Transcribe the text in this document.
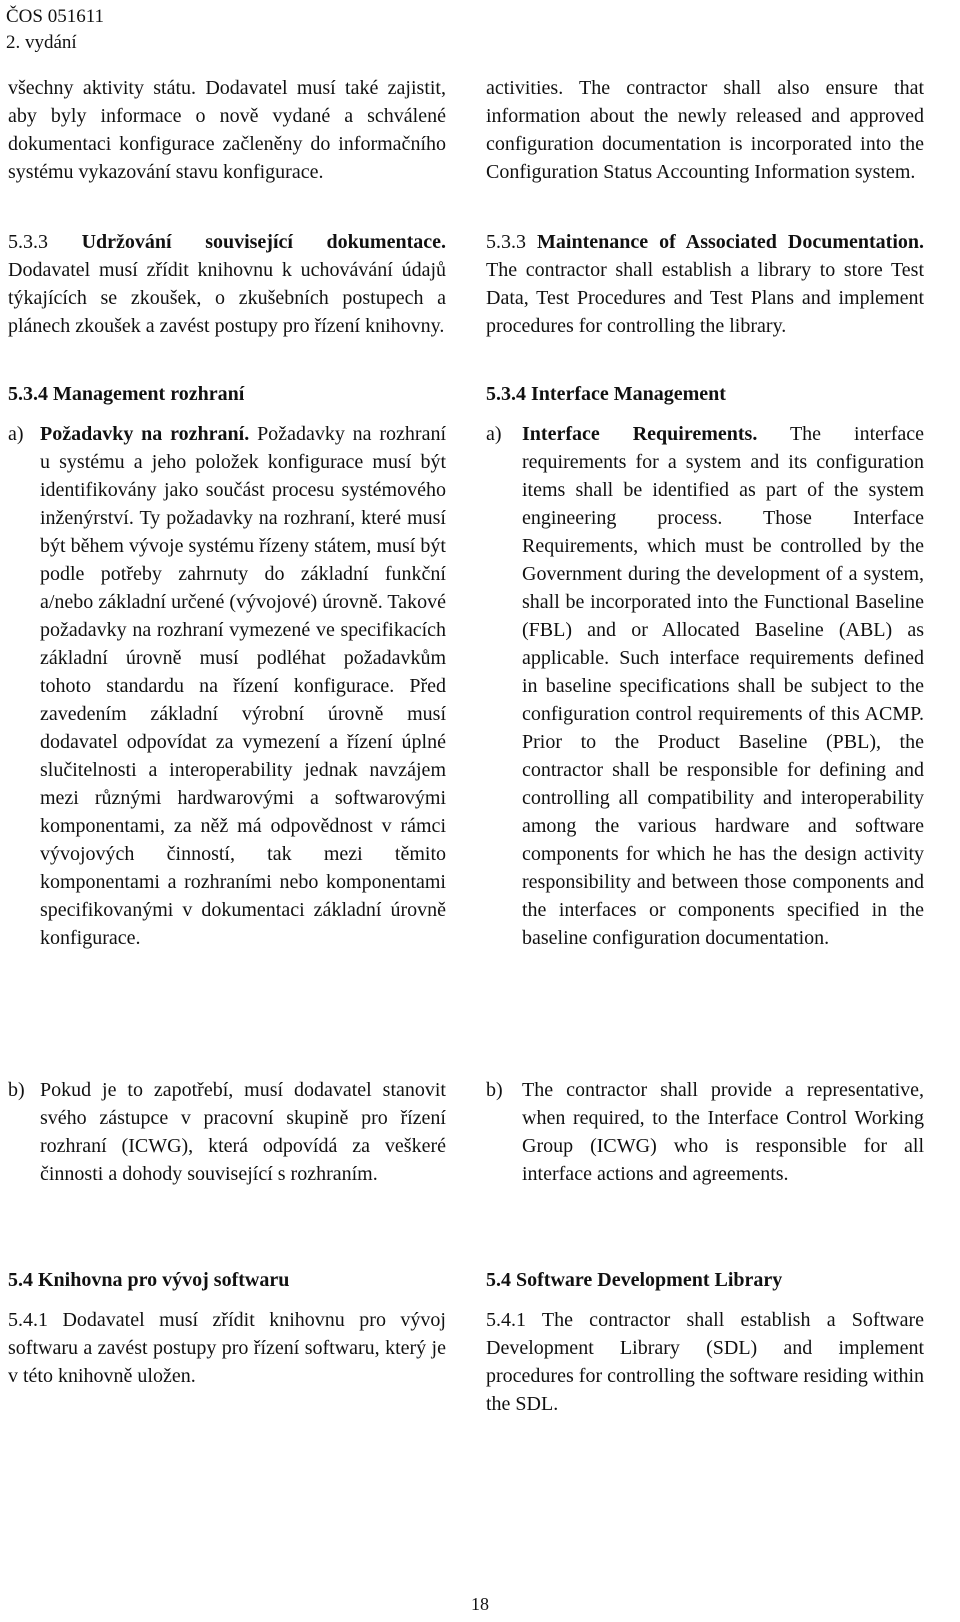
ČOS 051611
2. vydání

všechny aktivity státu. Dodavatel musí také zajistit, aby byly informace o nově vydané a schválené dokumentaci konfigurace začleněny do informačního systému vykazování stavu konfigurace.

5.3.3 Udržování související dokumentace. Dodavatel musí zřídit knihovnu k uchovávání údajů týkajících se zkoušek, o zkušebních postupech a plánech zkoušek a zavést postupy pro řízení knihovny.

5.3.4 Management rozhraní

a) Požadavky na rozhraní. Požadavky na rozhraní u systému a jeho položek konfigurace musí být identifikovány jako součást procesu systémového inženýrství. Ty požadavky na rozhraní, které musí být během vývoje systému řízeny státem, musí být podle potřeby zahrnuty do základní funkční a/nebo základní určené (vývojové) úrovně. Takové požadavky na rozhraní vymezené ve specifikacích základní úrovně musí podléhat požadavkům tohoto standardu na řízení konfigurace. Před zavedením základní výrobní úrovně musí dodavatel odpovídat za vymezení a řízení úplné slučitelnosti a interoperability jednak navzájem mezi různými hardwarovými a softwarovými komponentami, za něž má odpovědnost v rámci vývojových činností, tak mezi těmito komponentami a rozhraními nebo komponentami specifikovanými v dokumentaci základní úrovně konfigurace.
b) Pokud je to zapotřebí, musí dodavatel stanovit svého zástupce v pracovní skupině pro řízení rozhraní (ICWG), která odpovídá za veškeré činnosti a dohody související s rozhraním.

5.4 Knihovna pro vývoj softwaru

5.4.1 Dodavatel musí zřídit knihovnu pro vývoj softwaru a zavést postupy pro řízení softwaru, který je v této knihovně uložen.

activities. The contractor shall also ensure that information about the newly released and approved configuration documentation is incorporated into the Configuration Status Accounting Information system.

5.3.3 Maintenance of Associated Documentation. The contractor shall establish a library to store Test Data, Test Procedures and Test Plans and implement procedures for controlling the library.

5.3.4 Interface Management

a) Interface Requirements. The interface requirements for a system and its configuration items shall be identified as part of the system engineering process. Those Interface Requirements, which must be controlled by the Government during the development of a system, shall be incorporated into the Functional Baseline (FBL) and or Allocated Baseline (ABL) as applicable. Such interface requirements defined in baseline specifications shall be subject to the configuration control requirements of this ACMP. Prior to the Product Baseline (PBL), the contractor shall be responsible for defining and controlling all compatibility and interoperability among the various hardware and software components for which he has the design activity responsibility and between those components and the interfaces or components specified in the baseline configuration documentation.
b) The contractor shall provide a representative, when required, to the Interface Control Working Group (ICWG) who is responsible for all interface actions and agreements.

5.4 Software Development Library

5.4.1 The contractor shall establish a Software Development Library (SDL) and implement procedures for controlling the software residing within the SDL.

18
